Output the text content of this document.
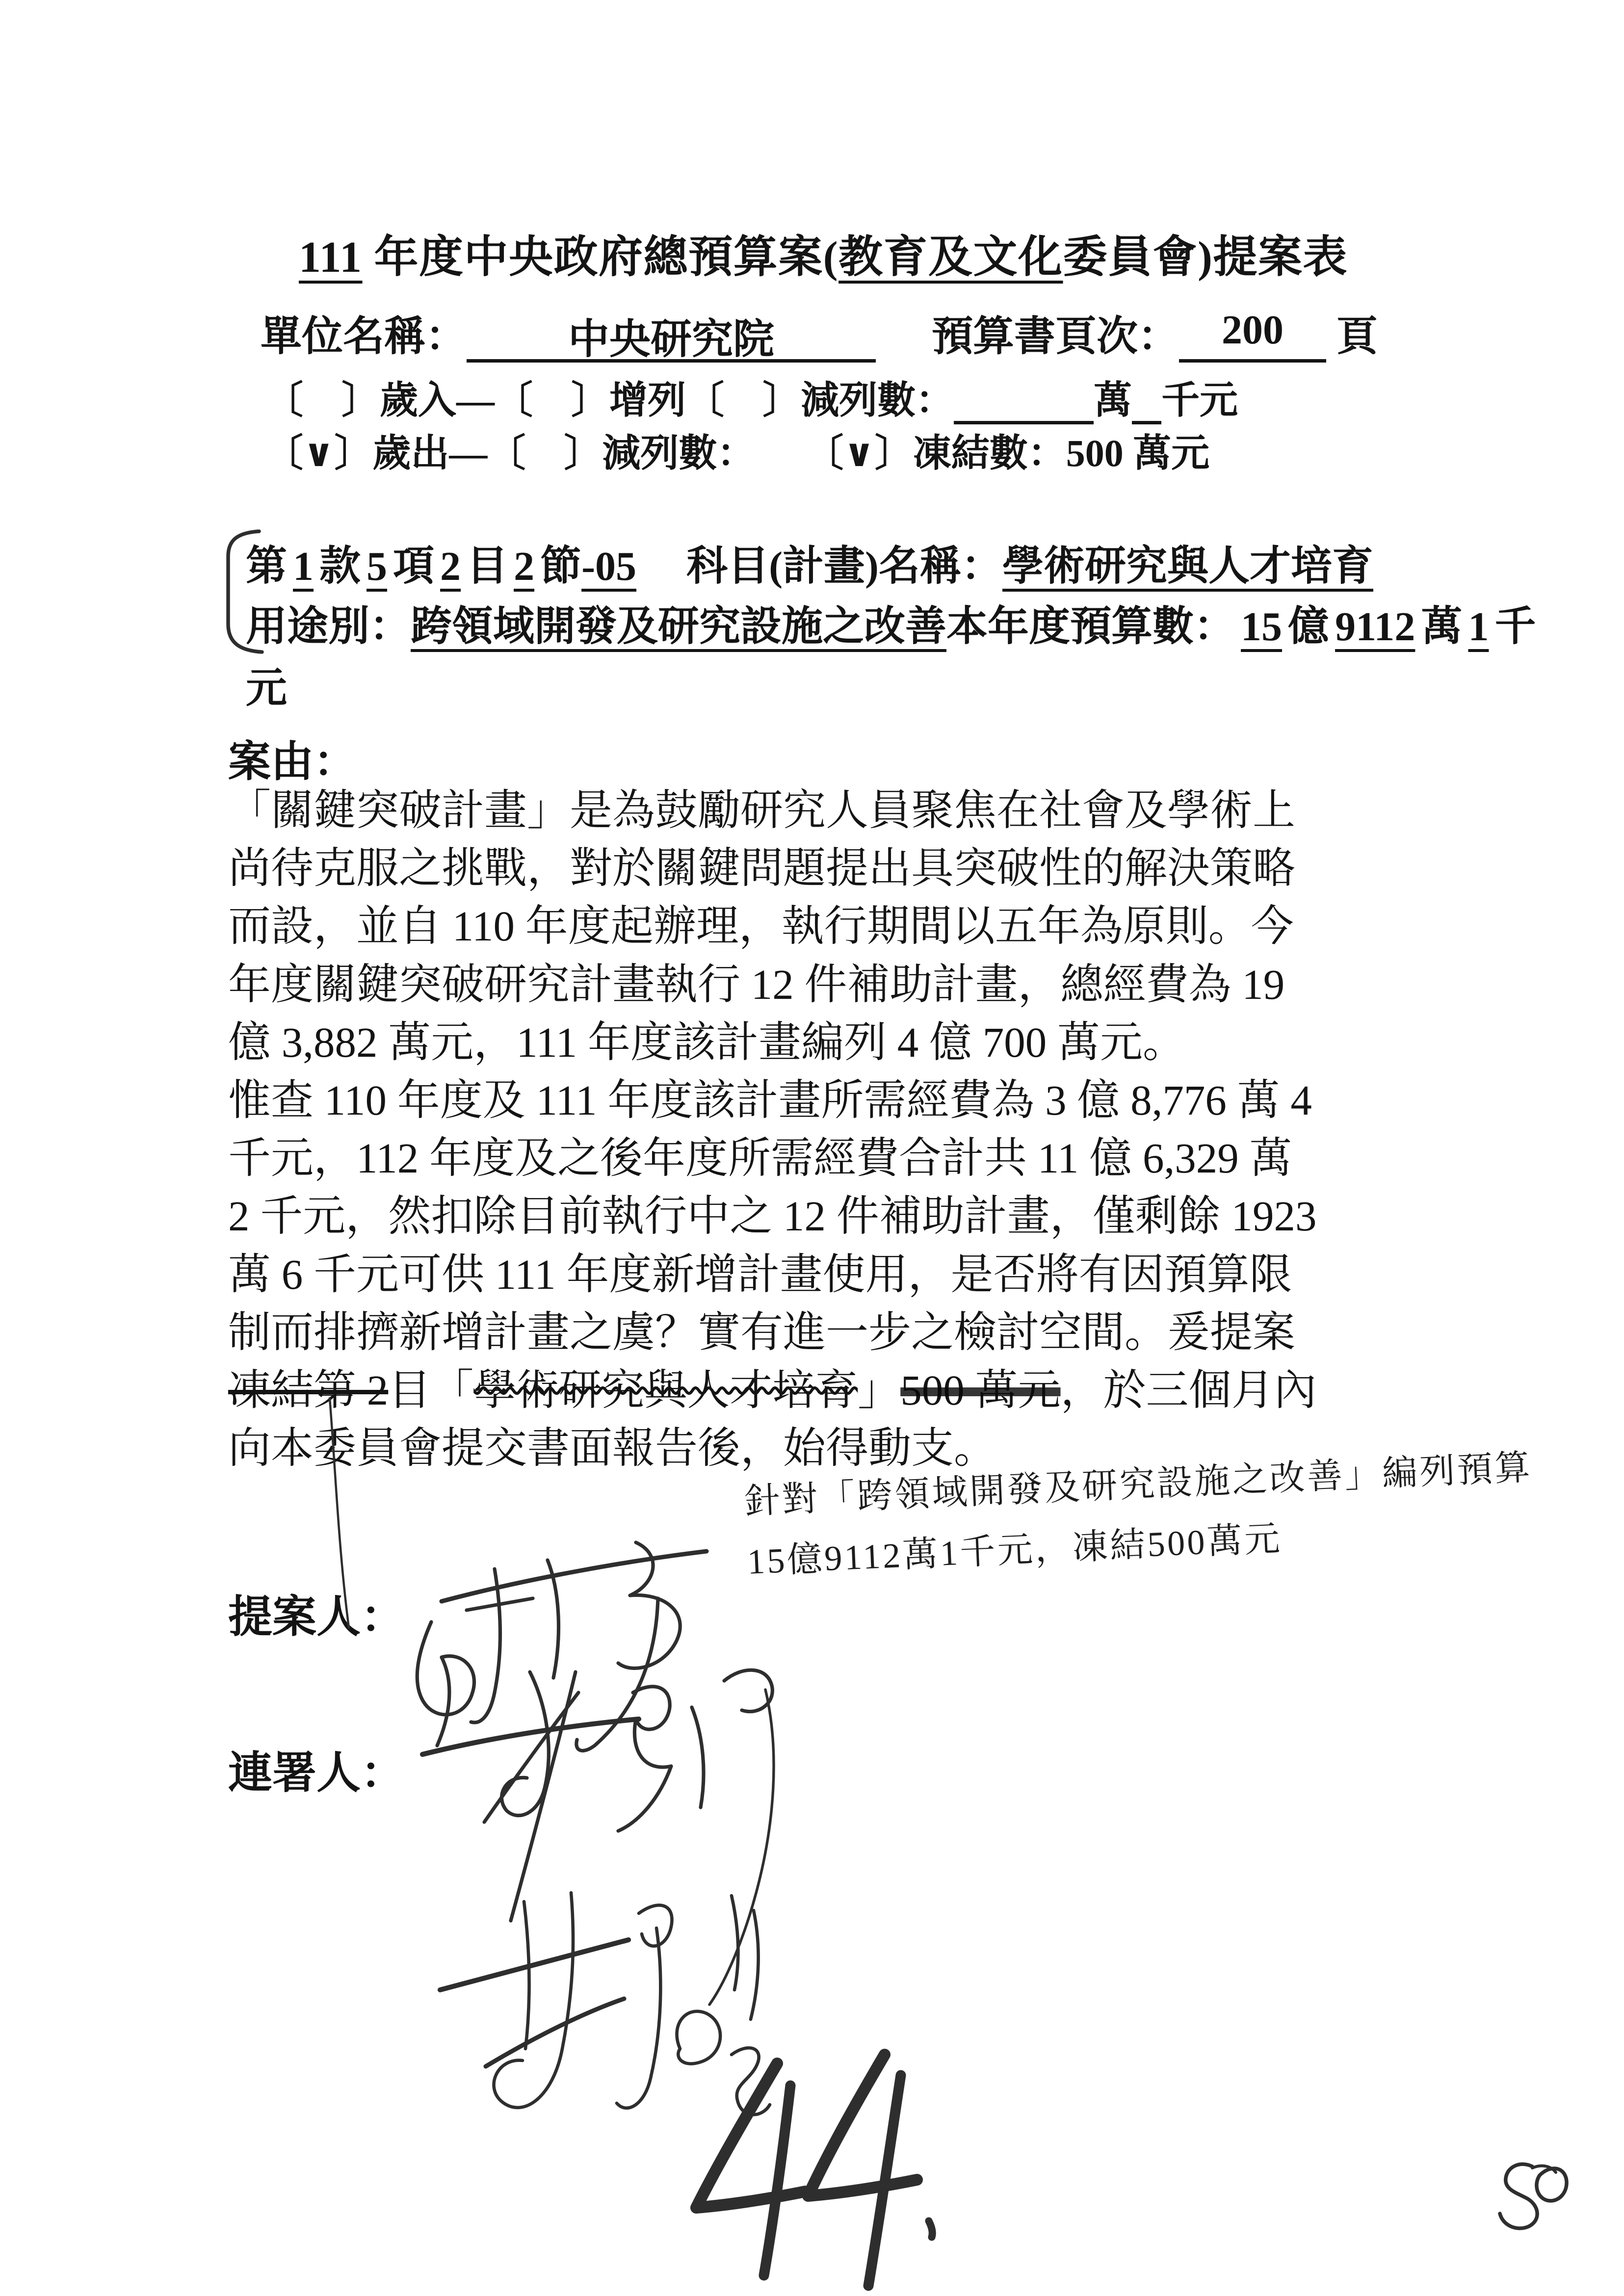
111 年度中央政府總預算案(教育及文化委員會)提案表
單位名稱：	中央研究院	預算書頁次：	200	頁
〔　〕歲入—〔　〕增列〔　〕減列數：	萬 千元
〔∨〕歲出—〔　〕減列數：	〔∨〕凍結數：500 萬元
第 1 款 5 項 2 目 2 節-05	科目(計畫)名稱：學術研究與人才培育
用途別：跨領域開發及研究設施之改善本年度預算數： 15 億 9112 萬 1 千
元
案由：
「關鍵突破計畫」是為鼓勵研究人員聚焦在社會及學術上
尚待克服之挑戰，對於關鍵問題提出具突破性的解決策略
而設，並自 110 年度起辦理，執行期間以五年為原則。今
年度關鍵突破研究計畫執行 12 件補助計畫，總經費為 19
億 3,882 萬元，111 年度該計畫編列 4 億 700 萬元。
惟查 110 年度及 111 年度該計畫所需經費為 3 億 8,776 萬 4
千元，112 年度及之後年度所需經費合計共 11 億 6,329 萬
2 千元，然扣除目前執行中之 12 件補助計畫，僅剩餘 1923
萬 6 千元可供 111 年度新增計畫使用，是否將有因預算限
制而排擠新增計畫之虞？實有進一步之檢討空間。爰提案
凍結第 2目「學術研究與人才培育」500 萬元，於三個月內
向本委員會提交書面報告後，始得動支。
針對「跨領域開發及研究設施之改善」編列預算
15億9112萬1千元，凍結500萬元
提案人：
連署人：
